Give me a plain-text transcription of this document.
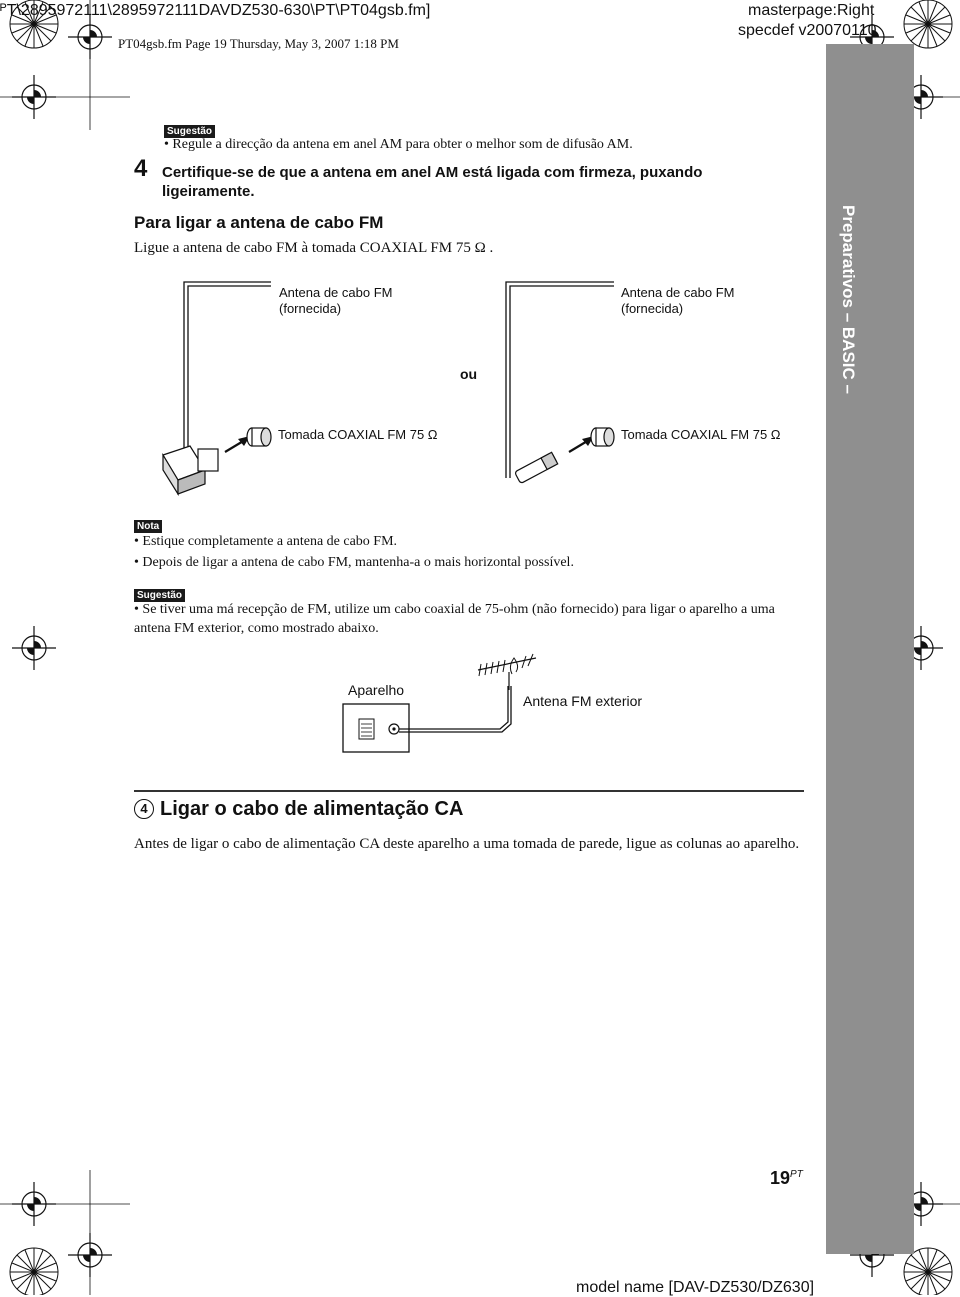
ᴾT\2895972111\2895972111DAVDZ530-630\PT\PT04gsb.fm]
PT04gsb.fm Page 19 Thursday, May 3, 2007 1:18 PM
masterpage:Right
specdef v20070110
Preparativos – BASIC –
Sugestão
• Regule a direcção da antena em anel AM para obter o melhor som de difusão AM.
4 Certifique-se de que a antena em anel AM está ligada com firmeza, puxando ligeiramente.
Para ligar a antena de cabo FM
Ligue a antena de cabo FM à tomada COAXIAL FM 75 Ω .
Antena de cabo FM
(fornecida)
Antena de cabo FM
(fornecida)
ou
Tomada COAXIAL FM 75 Ω	Tomada COAXIAL FM 75 Ω
Nota
• Estique completamente a antena de cabo FM.
• Depois de ligar a antena de cabo FM, mantenha-a o mais horizontal possível.
Sugestão
• Se tiver uma má recepção de FM, utilize um cabo coaxial de 75-ohm (não fornecido) para ligar o aparelho a uma antena FM exterior, como mostrado abaixo.
Aparelho
Antena FM exterior
4 Ligar o cabo de alimentação CA
Antes de ligar o cabo de alimentação CA deste aparelho a uma tomada de parede, ligue as colunas ao aparelho.
$19^{PT}$
model name [DAV-DZ530/DZ630]
